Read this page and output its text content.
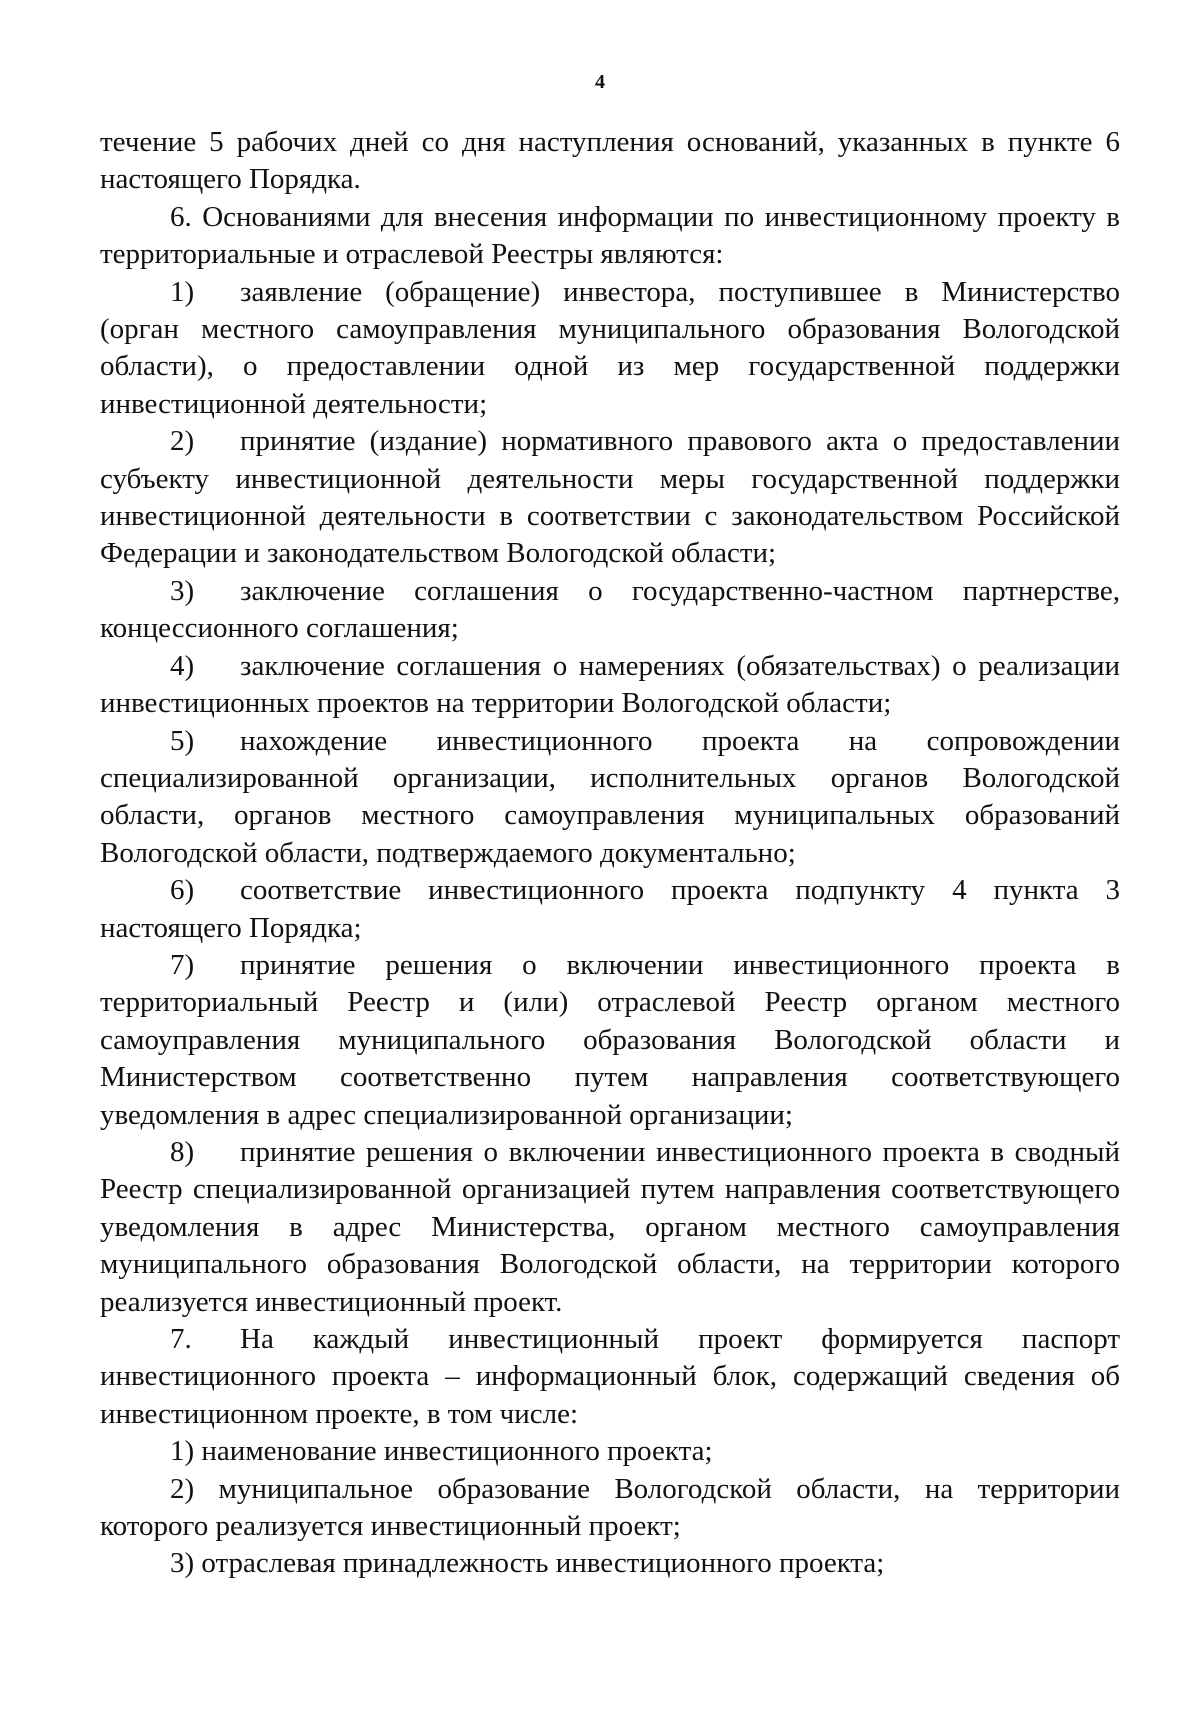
4

течение 5 рабочих дней со дня наступления оснований, указанных в пункте 6 настоящего Порядка.

6. Основаниями для внесения информации по инвестиционному проекту в территориальные и отраслевой Реестры являются:

1) заявление (обращение) инвестора, поступившее в Министерство (орган местного самоуправления муниципального образования Вологодской области), о предоставлении одной из мер государственной поддержки инвестиционной деятельности;

2) принятие (издание) нормативного правового акта о предоставлении субъекту инвестиционной деятельности меры государственной поддержки инвестиционной деятельности в соответствии с законодательством Российской Федерации и законодательством Вологодской области;

3) заключение соглашения о государственно-частном партнерстве, концессионного соглашения;

4) заключение соглашения о намерениях (обязательствах) о реализации инвестиционных проектов на территории Вологодской области;

5) нахождение инвестиционного проекта на сопровождении специализированной организации, исполнительных органов Вологодской области, органов местного самоуправления муниципальных образований Вологодской области, подтверждаемого документально;

6) соответствие инвестиционного проекта подпункту 4 пункта 3 настоящего Порядка;

7) принятие решения о включении инвестиционного проекта в территориальный Реестр и (или) отраслевой Реестр органом местного самоуправления муниципального образования Вологодской области и Министерством соответственно путем направления соответствующего уведомления в адрес специализированной организации;

8) принятие решения о включении инвестиционного проекта в сводный Реестр специализированной организацией путем направления соответствующего уведомления в адрес Министерства, органом местного самоуправления муниципального образования Вологодской области, на территории которого реализуется инвестиционный проект.

7. На каждый инвестиционный проект формируется паспорт инвестиционного проекта – информационный блок, содержащий сведения об инвестиционном проекте, в том числе:

1) наименование инвестиционного проекта;

2) муниципальное образование Вологодской области, на территории которого реализуется инвестиционный проект;

3) отраслевая принадлежность инвестиционного проекта;
